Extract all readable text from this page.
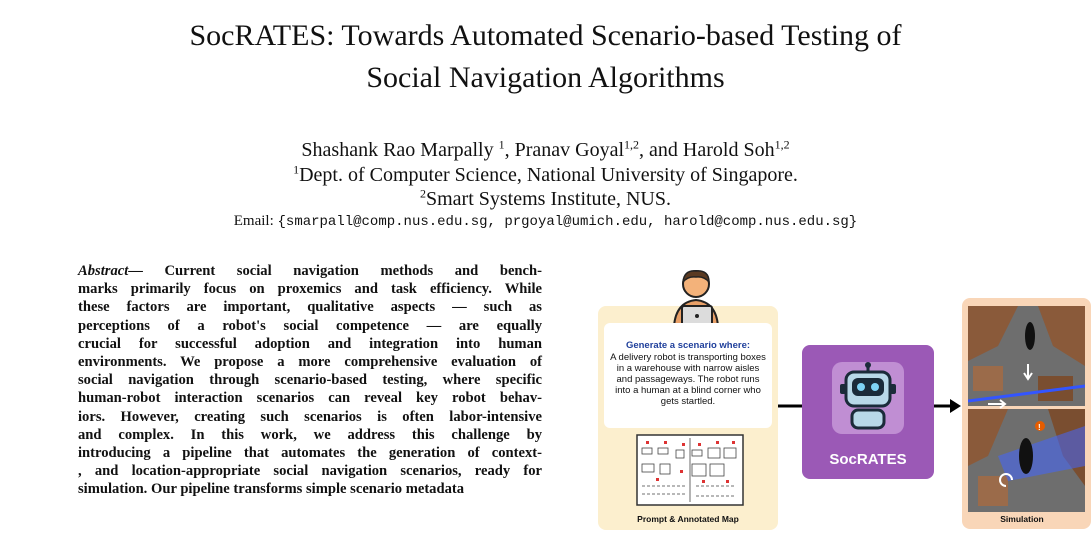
SocRATES: Towards Automated Scenario-based Testing of
Social Navigation Algorithms
Shashank Rao Marpally $^1$, Pranav Goyal$^{1,2}$, and Harold Soh$^{1,2}$
$^1$Dept. of Computer Science, National University of Singapore.
$^2$Smart Systems Institute, NUS.
Email: {smarpall@comp.nus.edu.sg, prgoyal@umich.edu, harold@comp.nus.edu.sg}
Abstract— Current social navigation methods and bench-
marks primarily focus on proxemics and task efficiency. While
these factors are important, qualitative aspects — such as
perceptions of a robot's social competence — are equally
crucial for successful adoption and integration into human
environments. We propose a more comprehensive evaluation of
social navigation through scenario-based testing, where specific
human-robot interaction scenarios can reveal key robot behav-
iors. However, creating such scenarios is often labor-intensive
and complex. In this work, we address this challenge by
introducing a pipeline that automates the generation of context-
, and location-appropriate social navigation scenarios, ready for
simulation. Our pipeline transforms simple scenario metadata
Generate a scenario where:
A delivery robot is transporting boxes in a warehouse with narrow aisles and passageways. The robot runs into a human at a blind corner who gets startled.
Prompt & Annotated Map
SocRATES
!
Simulation
